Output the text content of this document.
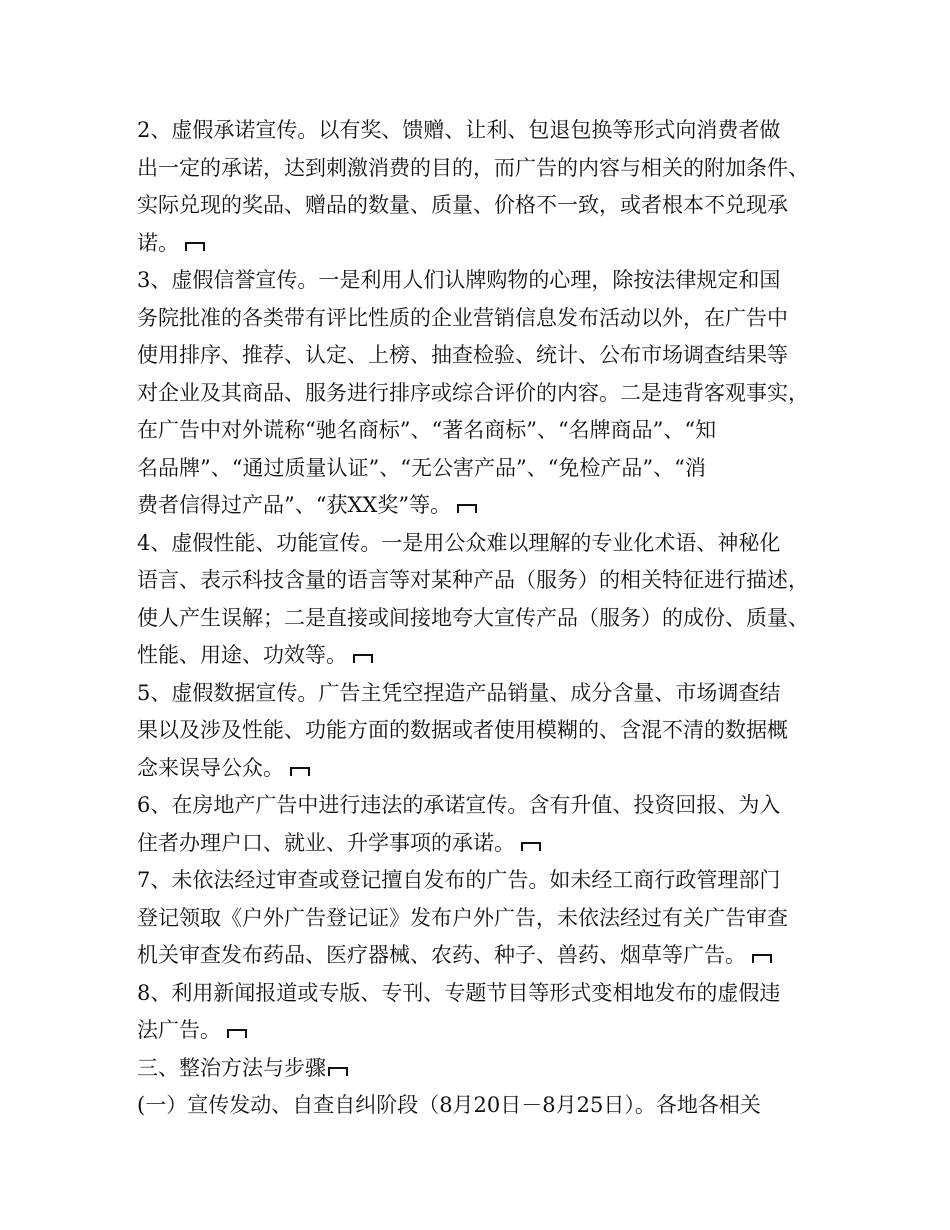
2、虚假承诺宣传。以有奖、馈赠、让利、包退包换等形式向消费者做
出一定的承诺，达到刺激消费的目的，而广告的内容与相关的附加条件、
实际兑现的奖品、赠品的数量、质量、价格不一致，或者根本不兑现承
诺。

3、虚假信誉宣传。一是利用人们认牌购物的心理，除按法律规定和国
务院批准的各类带有评比性质的企业营销信息发布活动以外，在广告中
使用排序、推荐、认定、上榜、抽查检验、统计、公布市场调查结果等
对企业及其商品、服务进行排序或综合评价的内容。二是违背客观事实，
在广告中对外谎称“驰名商标”、“著名商标”、“名牌商品”、“知
名品牌”、“通过质量认证”、“无公害产品”、“免检产品”、“消
费者信得过产品”、“获XX奖”等。

4、虚假性能、功能宣传。一是用公众难以理解的专业化术语、神秘化
语言、表示科技含量的语言等对某种产品（服务）的相关特征进行描述，
使人产生误解；二是直接或间接地夸大宣传产品（服务）的成份、质量、
性能、用途、功效等。

5、虚假数据宣传。广告主凭空捏造产品销量、成分含量、市场调查结
果以及涉及性能、功能方面的数据或者使用模糊的、含混不清的数据概
念来误导公众。

6、在房地产广告中进行违法的承诺宣传。含有升值、投资回报、为入
住者办理户口、就业、升学事项的承诺。

7、未依法经过审查或登记擅自发布的广告。如未经工商行政管理部门
登记领取《户外广告登记证》发布户外广告，未依法经过有关广告审查
机关审查发布药品、医疗器械、农药、种子、兽药、烟草等广告。

8、利用新闻报道或专版、专刊、专题节目等形式变相地发布的虚假违
法广告。

三、整治方法与步骤

(一）宣传发动、自查自纠阶段（8月20日－8月25日）。各地各相关
